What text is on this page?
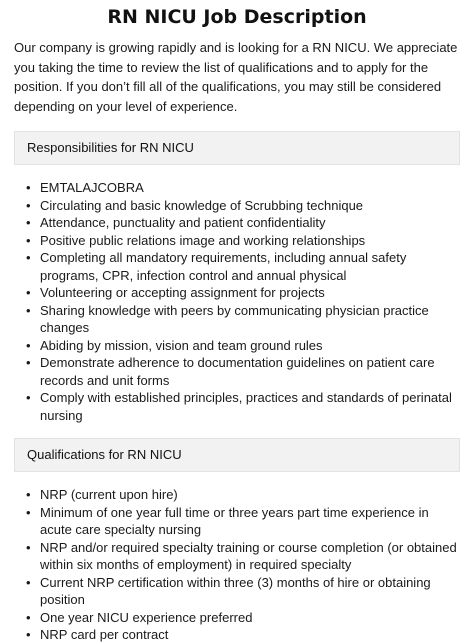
RN NICU Job Description

Our company is growing rapidly and is looking for a RN NICU. We appreciate you taking the time to review the list of qualifications and to apply for the position. If you don’t fill all of the qualifications, you may still be considered depending on your level of experience.

Responsibilities for RN NICU
• EMTALAJCOBRA
• Circulating and basic knowledge of Scrubbing technique
• Attendance, punctuality and patient confidentiality
• Positive public relations image and working relationships
• Completing all mandatory requirements, including annual safety programs, CPR, infection control and annual physical
• Volunteering or accepting assignment for projects
• Sharing knowledge with peers by communicating physician practice changes
• Abiding by mission, vision and team ground rules
• Demonstrate adherence to documentation guidelines on patient care records and unit forms
• Comply with established principles, practices and standards of perinatal nursing
Qualifications for RN NICU
• NRP (current upon hire)
• Minimum of one year full time or three years part time experience in acute care specialty nursing
• NRP and/or required specialty training or course completion (or obtained within six months of employment) in required specialty
• Current NRP certification within three (3) months of hire or obtaining position
• One year NICU experience preferred
• NRP card per contract
